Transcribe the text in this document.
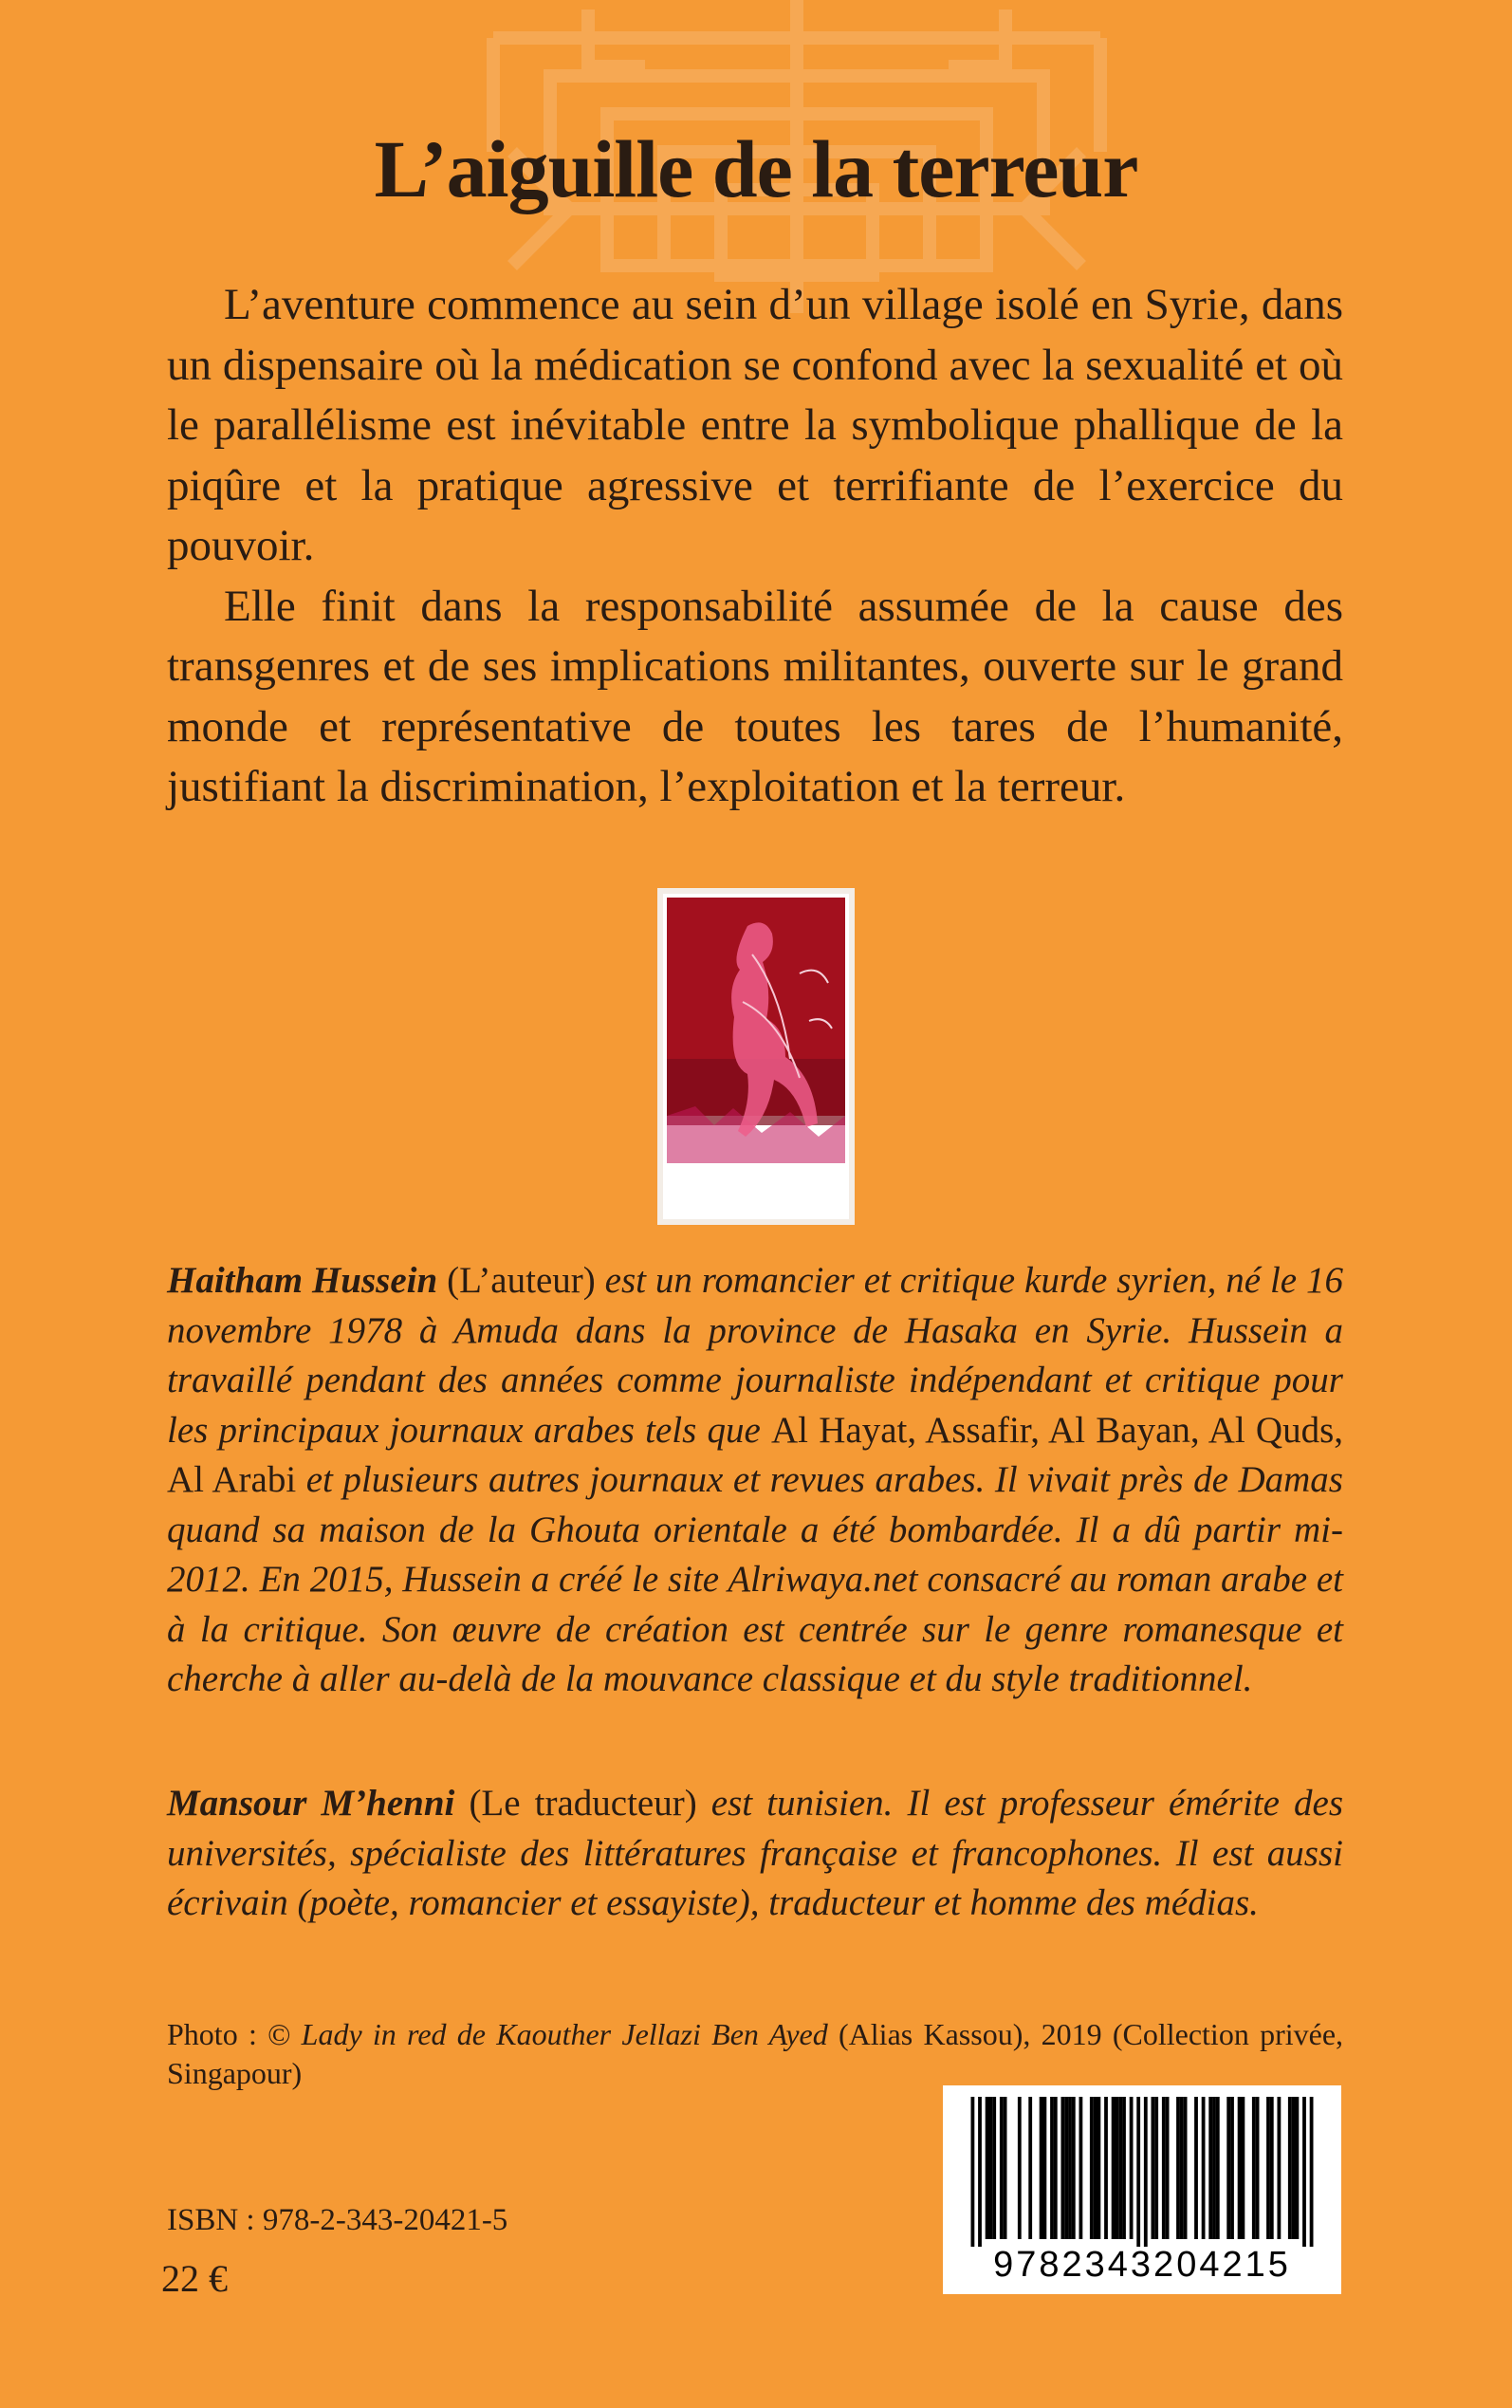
L’aiguille de la terreur

L’aventure commence au sein d’un village isolé en Syrie, dans un dispensaire où la médication se confond avec la sexualité et où le parallélisme est inévitable entre la symbolique phallique de la piqûre et la pratique agressive et terrifiante de l’exercice du pouvoir.

Elle finit dans la responsabilité assumée de la cause des transgenres et de ses implications militantes, ouverte sur le grand monde et représentative de toutes les tares de l’humanité, justifiant la discrimination, l’exploitation et la terreur.

Haitham Hussein (L’auteur) est un romancier et critique kurde syrien, né le 16 novembre 1978 à Amuda dans la province de Hasaka en Syrie. Hussein a travaillé pendant des années comme journaliste indépendant et critique pour les principaux journaux arabes tels que Al Hayat, Assafir, Al Bayan, Al Quds, Al Arabi et plusieurs autres journaux et revues arabes. Il vivait près de Damas quand sa maison de la Ghouta orientale a été bombardée. Il a dû partir mi-2012. En 2015, Hussein a créé le site Alriwaya.net consacré au roman arabe et à la critique. Son œuvre de création est centrée sur le genre romanesque et cherche à aller au-delà de la mouvance classique et du style traditionnel.

Mansour M’henni (Le traducteur) est tunisien. Il est professeur émérite des universités, spécialiste des littératures française et francophones. Il est aussi écrivain (poète, romancier et essayiste), traducteur et homme des médias.

Photo : © Lady in red de Kaouther Jellazi Ben Ayed (Alias Kassou), 2019 (Collection privée, Singapour)
ISBN : 978-2-343-20421-5
22 €	9782343204215
